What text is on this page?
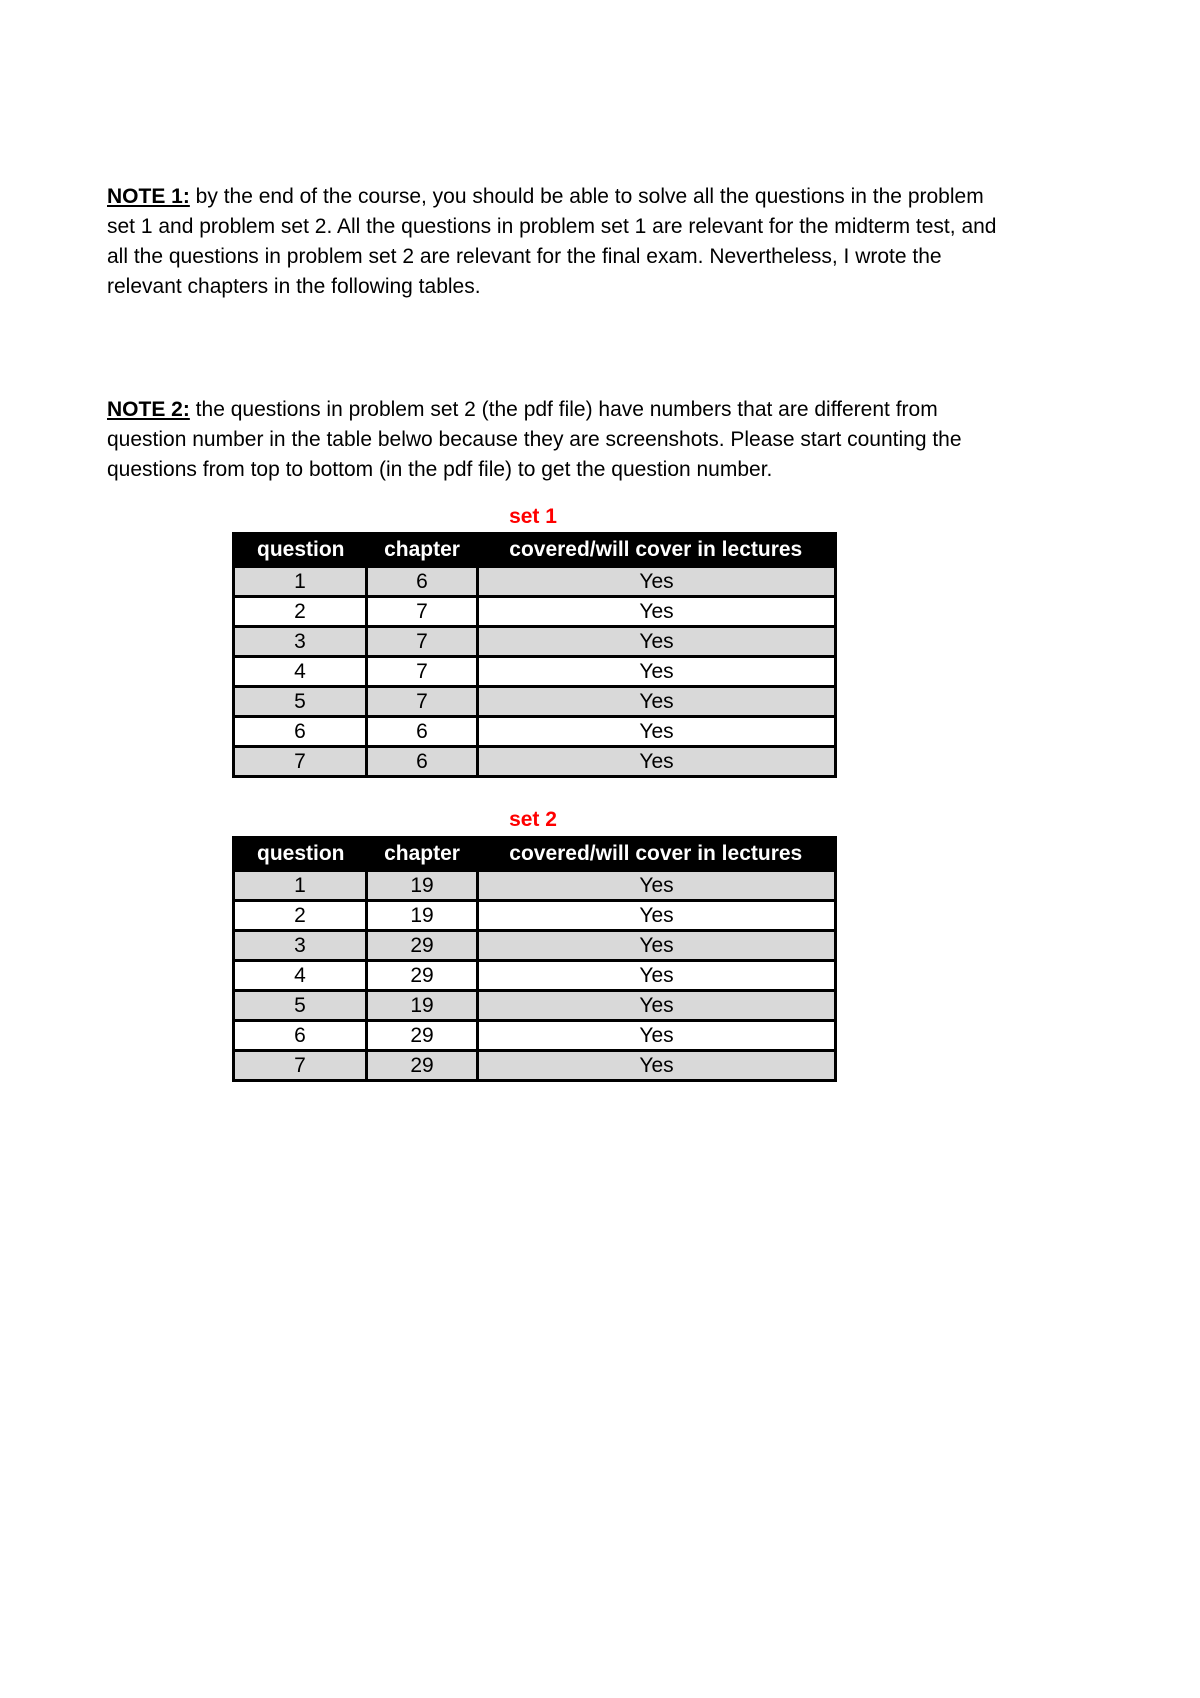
NOTE 1: by the end of the course, you should be able to solve all the questions in the problem set 1 and problem set 2. All the questions in problem set 1 are relevant for the midterm test, and all the questions in problem set 2 are relevant for the final exam. Nevertheless, I wrote the relevant chapters in the following tables.
NOTE 2: the questions in problem set 2 (the pdf file) have numbers that are different from question number in the table belwo because they are screenshots. Please start counting the questions from top to bottom (in the pdf file) to get the question number.
set 1
question	chapter	covered/will cover in lectures
1	6	Yes
2	7	Yes
3	7	Yes
4	7	Yes
5	7	Yes
6	6	Yes
7	6	Yes
set 2
question	chapter	covered/will cover in lectures
1	19	Yes
2	19	Yes
3	29	Yes
4	29	Yes
5	19	Yes
6	29	Yes
7	29	Yes
